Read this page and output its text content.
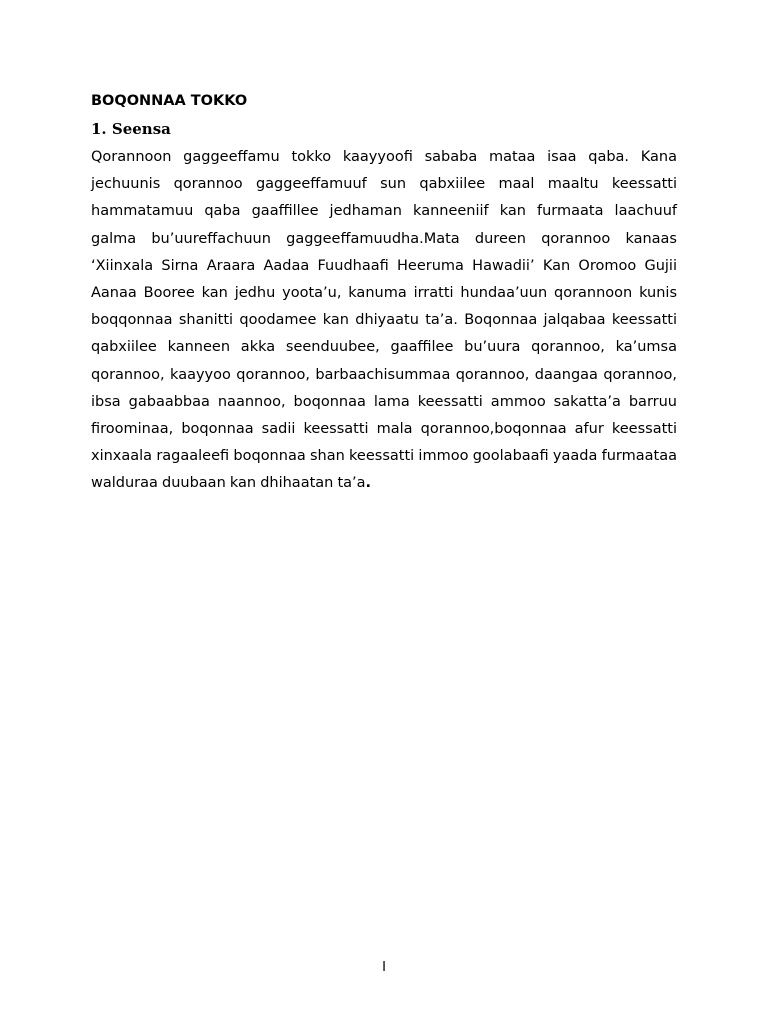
BOQONNAA TOKKO
1. Seensa

Qorannoon gaggeeffamu tokko kaayyoofi sababa mataa isaa qaba. Kana jechuunis qorannoo gaggeeffamuuf sun qabxiilee maal maaltu keessatti hammatamuu qaba gaaffillee jedhaman kanneeniif kan furmaata laachuuf galma bu’uureffachuun gaggeeffamuudha.Mata dureen qorannoo kanaas ‘Xiinxala Sirna Araara Aadaa Fuudhaafi Heeruma Hawadii’ Kan Oromoo Gujii Aanaa Booree kan jedhu yoota’u, kanuma irratti hundaa’uun qorannoon kunis boqqonnaa shanitti qoodamee kan dhiyaatu ta’a. Boqonnaa jalqabaa keessatti qabxiilee kanneen akka seenduubee, gaaffilee bu’uura qorannoo, ka’umsa qorannoo, kaayyoo qorannoo, barbaachisummaa qorannoo, daangaa qorannoo, ibsa gabaabbaa naannoo, boqonnaa lama keessatti ammoo sakatta’a barruu firoominaa, boqonnaa sadii keessatti mala qorannoo,boqonnaa afur keessatti xinxaala ragaaleefi boqonnaa shan keessatti immoo goolabaafi yaada furmaataa walduraa duubaan kan dhihaatan ta’a.

I
